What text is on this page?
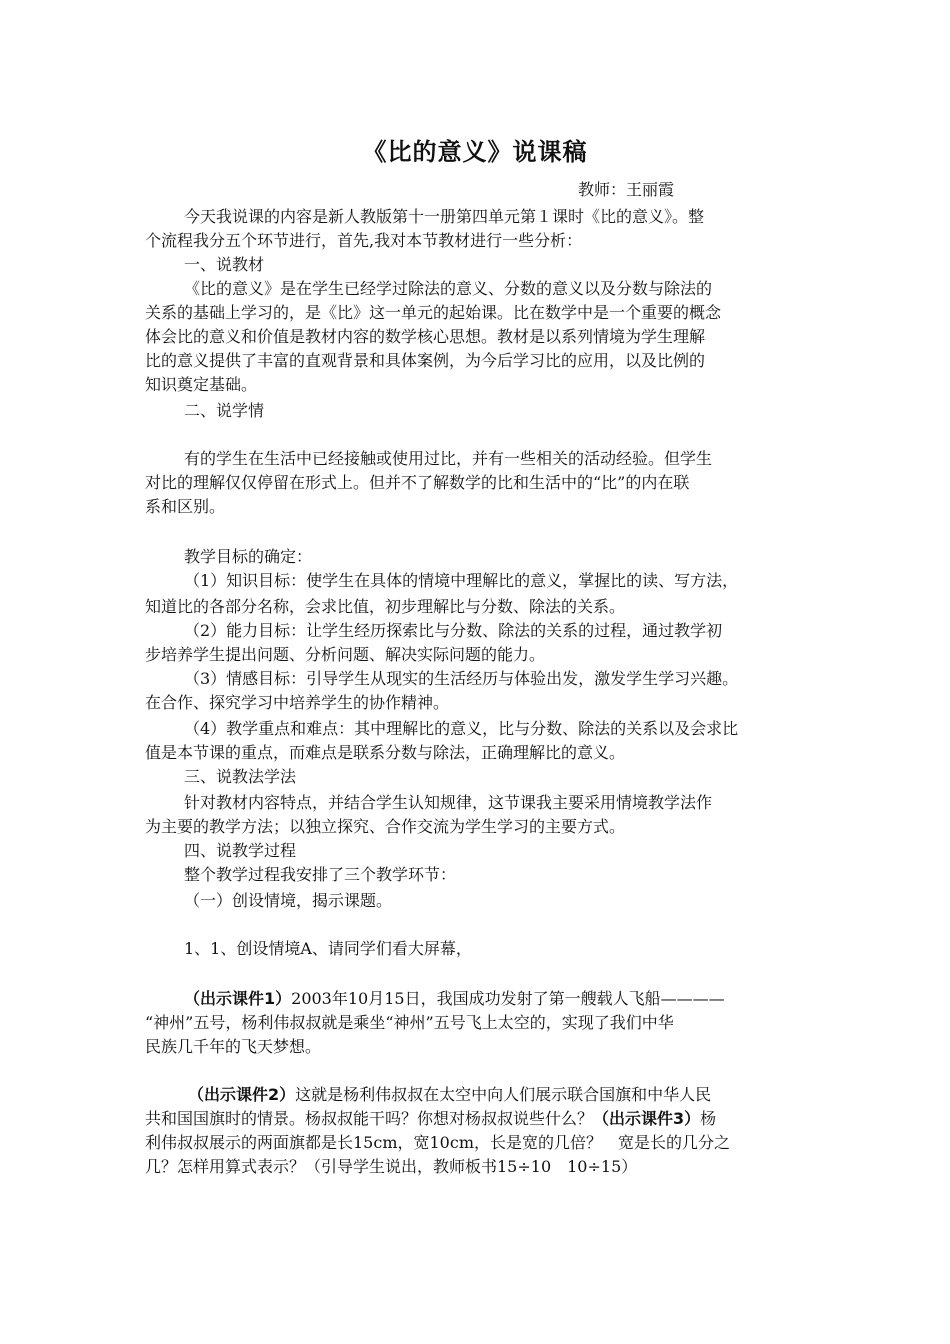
《比的意义》说课稿
教师：王丽霞
今天我说课的内容是新人教版第十一册第四单元第１课时《比的意义》。整
个流程我分五个环节进行，首先,我对本节教材进行一些分析：
一、说教材
《比的意义》是在学生已经学过除法的意义、分数的意义以及分数与除法的
关系的基础上学习的，是《比》这一单元的起始课。比在数学中是一个重要的概念
体会比的意义和价值是教材内容的数学核心思想。教材是以系列情境为学生理解
比的意义提供了丰富的直观背景和具体案例，为今后学习比的应用，以及比例的
知识奠定基础。
二、说学情
有的学生在生活中已经接触或使用过比，并有一些相关的活动经验。但学生
对比的理解仅仅停留在形式上。但并不了解数学的比和生活中的“比”的内在联
系和区别。
教学目标的确定：
（1）知识目标：使学生在具体的情境中理解比的意义，掌握比的读、写方法，
知道比的各部分名称，会求比值，初步理解比与分数、除法的关系。
（2）能力目标：让学生经历探索比与分数、除法的关系的过程，通过教学初
步培养学生提出问题、分析问题、解决实际问题的能力。
（3）情感目标：引导学生从现实的生活经历与体验出发，激发学生学习兴趣。
在合作、探究学习中培养学生的协作精神。
（4）教学重点和难点：其中理解比的意义，比与分数、除法的关系以及会求比
值是本节课的重点，而难点是联系分数与除法，正确理解比的意义。
三、说教法学法
针对教材内容特点，并结合学生认知规律，这节课我主要采用情境教学法作
为主要的教学方法；以独立探究、合作交流为学生学习的主要方式。
四、说教学过程
整个教学过程我安排了三个教学环节：
（一）创设情境，揭示课题。
1、1、创设情境A、请同学们看大屏幕，
（出示课件1）2003年10月15日，我国成功发射了第一艘载人飞船————
“神州”五号，杨利伟叔叔就是乘坐“神州”五号飞上太空的，实现了我们中华
民族几千年的飞天梦想。
（出示课件2）这就是杨利伟叔叔在太空中向人们展示联合国旗和中华人民
共和国国旗时的情景。杨叔叔能干吗？你想对杨叔叔说些什么？（出示课件3）杨
利伟叔叔展示的两面旗都是长15cm，宽10cm，长是宽的几倍？　宽是长的几分之
几？怎样用算式表示？（引导学生说出，教师板书15÷10　10÷15）
